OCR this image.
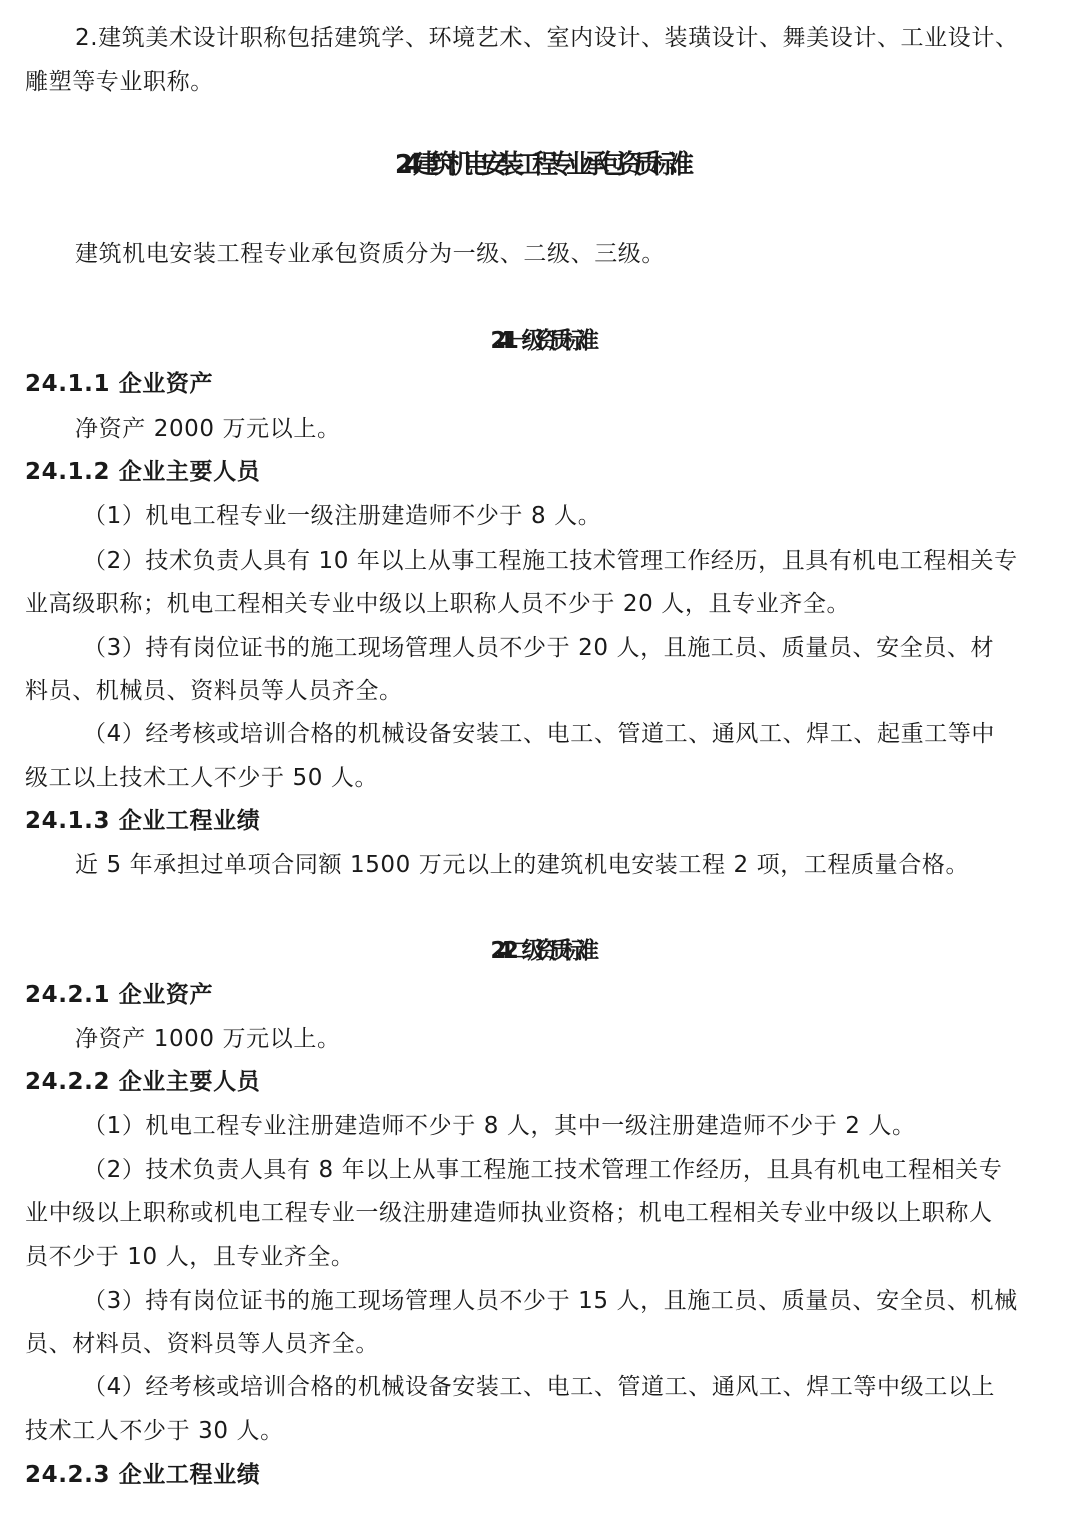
2.建筑美术设计职称包括建筑学、环境艺术、室内设计、装璜设计、舞美设计、工业设计、
雕塑等专业职称。
24 建筑机电安装工程专业承包资质标准
建筑机电安装工程专业承包资质分为一级、二级、三级。
24.1 一级资质标准
24.1.1 企业资产
净资产 2000 万元以上。
24.1.2 企业主要人员
（1）机电工程专业一级注册建造师不少于 8 人。
（2）技术负责人具有 10 年以上从事工程施工技术管理工作经历，且具有机电工程相关专
业高级职称；机电工程相关专业中级以上职称人员不少于 20 人，且专业齐全。
（3）持有岗位证书的施工现场管理人员不少于 20 人，且施工员、质量员、安全员、材
料员、机械员、资料员等人员齐全。
（4）经考核或培训合格的机械设备安装工、电工、管道工、通风工、焊工、起重工等中
级工以上技术工人不少于 50 人。
24.1.3 企业工程业绩
近 5 年承担过单项合同额 1500 万元以上的建筑机电安装工程 2 项，工程质量合格。
24.2 二级资质标准
24.2.1 企业资产
净资产 1000 万元以上。
24.2.2 企业主要人员
（1）机电工程专业注册建造师不少于 8 人，其中一级注册建造师不少于 2 人。
（2）技术负责人具有 8 年以上从事工程施工技术管理工作经历，且具有机电工程相关专
业中级以上职称或机电工程专业一级注册建造师执业资格；机电工程相关专业中级以上职称人
员不少于 10 人，且专业齐全。
（3）持有岗位证书的施工现场管理人员不少于 15 人，且施工员、质量员、安全员、机械
员、材料员、资料员等人员齐全。
（4）经考核或培训合格的机械设备安装工、电工、管道工、通风工、焊工等中级工以上
技术工人不少于 30 人。
24.2.3 企业工程业绩
